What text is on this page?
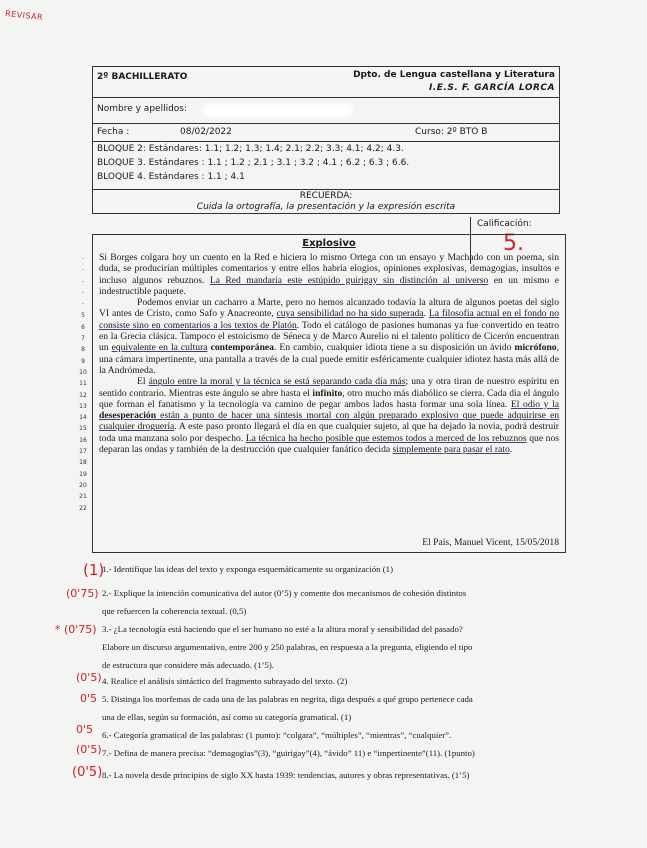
REVISAR
2º BACHILLERATO	Dpto. de Lengua castellana y Literatura
I.E.S. F. GARCÍA LORCA
Nombre y apellidos:
Fecha :	08/02/2022	Curso: 2º BTO B
BLOQUE 2: Estándares: 1.1; 1.2; 1.3; 1.4; 2.1; 2.2; 3.3; 4.1; 4.2; 4.3.
BLOQUE 3. Estándares : 1.1 ; 1.2 ; 2.1 ; 3.1 ; 3.2 ; 4.1 ; 6.2 ; 6.3 ; 6.6.
BLOQUE 4. Estándares : 1.1 ; 4.1
Calificación:
5.
RECUERDA:
Cuida la ortografía, la presentación y la expresión escrita
·
·
·
·
·
5
6
7
8
9
10
11
12
13
14
15
16
17
18
19
20
21
22
Explosivo

Si Borges colgara hoy un cuento en la Red e hiciera lo mismo Ortega con un ensayo y Machado con un poema, sin duda, se producirían múltiples comentarios y entre ellos habría elogios, opiniones explosivas, demagogias, insultos e incluso algunos rebuznos. La Red mandaría este estúpido guirigay sin distinción al universo en un mismo e indestructible paquete.

Podemos enviar un cacharro a Marte, pero no hemos alcanzado todavía la altura de algunos poetas del siglo VI antes de Cristo, como Safo y Anacreonte, cuya sensibilidad no ha sido superada. La filosofía actual en el fondo no consiste sino en comentarios a los textos de Platón. Todo el catálogo de pasiones humanas ya fue convertido en teatro en la Grecia clásica. Tampoco el estoicismo de Séneca y de Marco Aurelio ni el talento político de Cicerón encuentran un equivalente en la cultura contemporánea. En cambio, cualquier idiota tiene a su disposición un ávido micrófono, una cámara impertinente, una pantalla a través de la cual puede emitir esféricamente cualquier idiotez hasta más allá de la Andrómeda.

El ángulo entre la moral y la técnica se está separando cada día más; una y otra tiran de nuestro espíritu en sentido contrario. Mientras este ángulo se abre hasta el infinito, otro mucho más diabólico se cierra. Cada día el ángulo que forman el fanatismo y la tecnología va camino de pegar ambos lados hasta formar una sola línea. El odio y la desesperación están a punto de hacer una síntesis mortal con algún preparado explosivo que puede adquirirse en cualquier droguería. A este paso pronto llegará el día en que cualquier sujeto, al que ha dejado la novia, podrá destruir toda una manzana solo por despecho. La técnica ha hecho posible que estemos todos a merced de los rebuznos que nos deparan las ondas y también de la destrucción que cualquier fanático decida simplemente para pasar el rato.

El País, Manuel Vicent, 15/05/2018
1.- Identifique las ideas del texto y exponga esquemáticamente su organización (1)
2.- Explique la intención comunicativa del autor (0’5) y comente dos mecanismos de cohesión distintos
que refuercen la coherencia textual. (0,5)
3.- ¿La tecnología está haciendo que el ser humano no esté a la altura moral y sensibilidad del pasado?
Elabore un discurso argumentativo, entre 200 y 250 palabras, en respuesta a la pregunta, eligiendo el tipo
de estructura que considere más adecuado. (1’5).
4. Realice el análisis sintáctico del fragmento subrayado del texto. (2)
5. Distinga los morfemas de cada una de las palabras en negrita, diga después a qué grupo pertenece cada
una de ellas, según su formación, así como su categoría gramatical. (1)
6.- Categoría gramatical de las palabras: (1 punto): “colgara”, “múltiples”, “mientras”, “cualquier”.
7.- Defina de manera precisa: “demagogias”(3), “guirigay”(4), “ávido” 11) e “impertinente”(11). (1punto)
8.- La novela desde principios de siglo XX hasta 1939: tendencias, autores y obras representativas. (1’5)
(1)
(0'75)
* (0'75)
(0'5)
0'5
0'5
(0'5)
(0'5)
